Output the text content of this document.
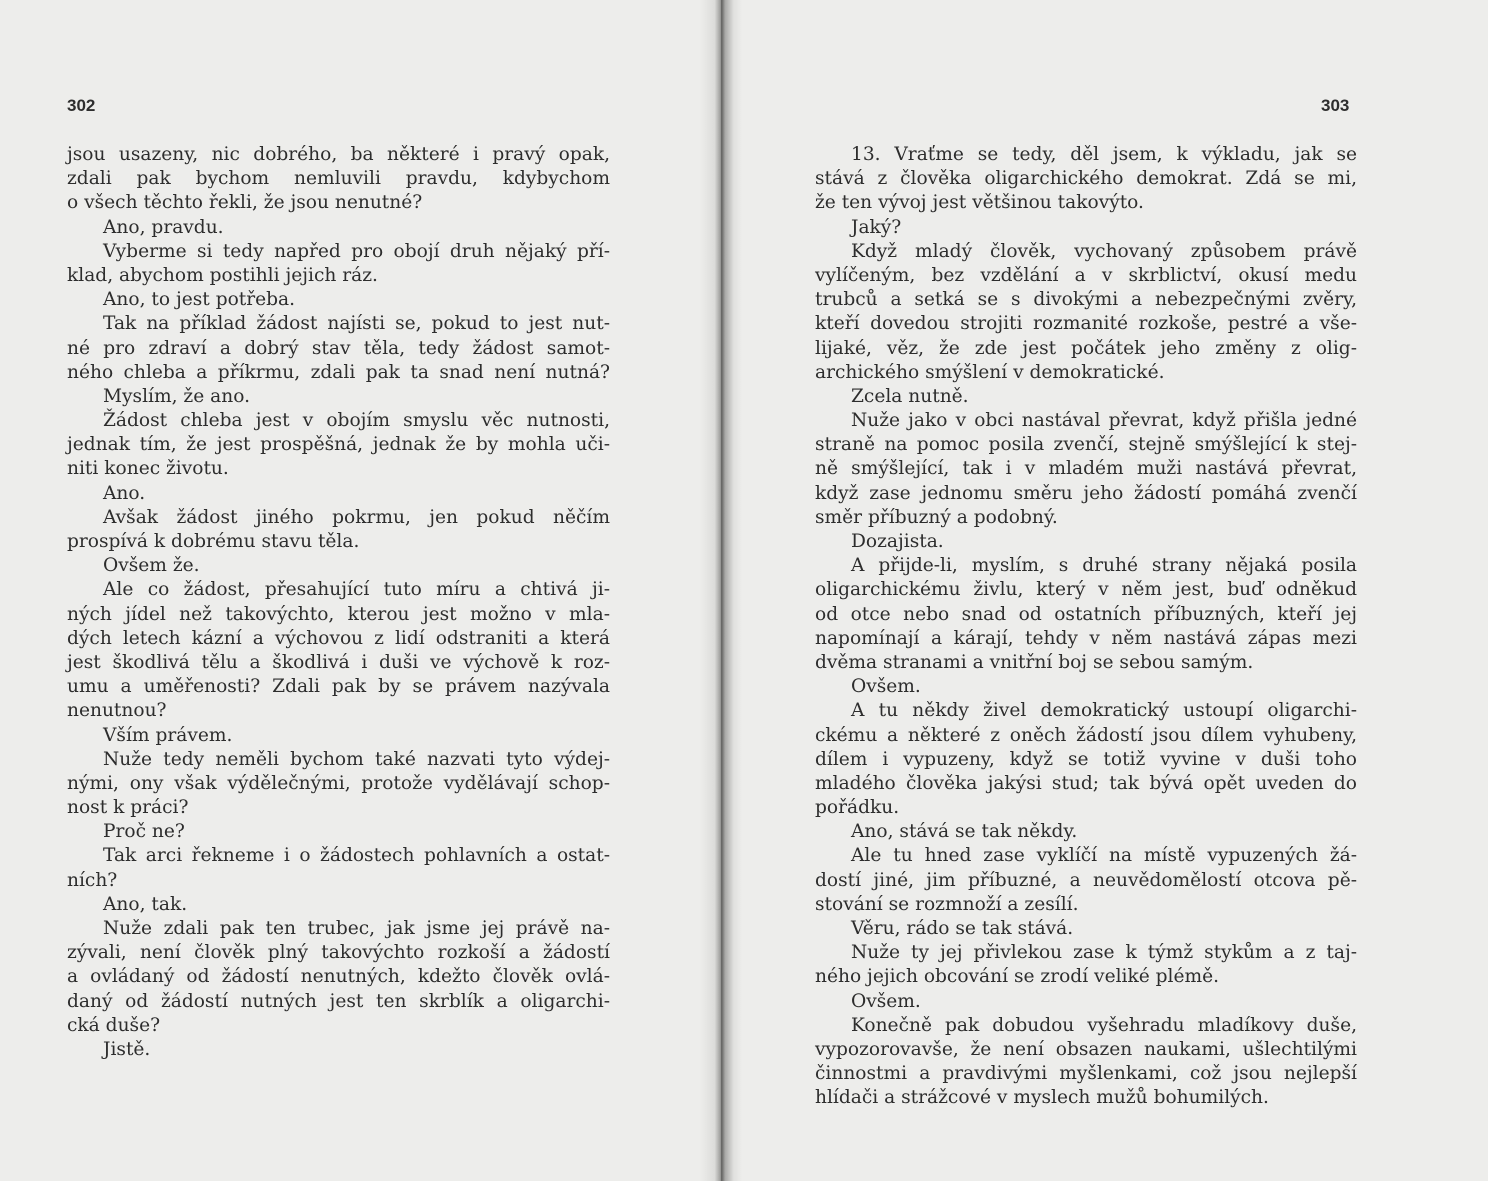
302	303
jsou usazeny, nic dobrého, ba některé i pravý opak,
zdali pak bychom nemluvili pravdu, kdybychom
o všech těchto řekli, že jsou nenutné?
Ano, pravdu.
Vyberme si tedy napřed pro obojí druh nějaký pří-
klad, abychom postihli jejich ráz.
Ano, to jest potřeba.
Tak na příklad žádost najísti se, pokud to jest nut-
né pro zdraví a dobrý stav těla, tedy žádost samot-
ného chleba a příkrmu, zdali pak ta snad není nutná?
Myslím, že ano.
Žádost chleba jest v obojím smyslu věc nutnosti,
jednak tím, že jest prospěšná, jednak že by mohla uči-
niti konec životu.
Ano.
Avšak žádost jiného pokrmu, jen pokud něčím
prospívá k dobrému stavu těla.
Ovšem že.
Ale co žádost, přesahující tuto míru a chtivá ji-
ných jídel než takovýchto, kterou jest možno v mla-
dých letech kázní a výchovou z lidí odstraniti a která
jest škodlivá tělu a škodlivá i duši ve výchově k roz-
umu a uměřenosti? Zdali pak by se právem nazývala
nenutnou?
Vším právem.
Nuže tedy neměli bychom také nazvati tyto výdej-
nými, ony však výdělečnými, protože vydělávají schop-
nost k práci?
Proč ne?
Tak arci řekneme i o žádostech pohlavních a ostat-
ních?
Ano, tak.
Nuže zdali pak ten trubec, jak jsme jej právě na-
zývali, není člověk plný takovýchto rozkoší a žádostí
a ovládaný od žádostí nenutných, kdežto člověk ovlá-
daný od žádostí nutných jest ten skrblík a oligarchi-
cká duše?
Jistě.
13. Vraťme se tedy, děl jsem, k výkladu, jak se
stává z člověka oligarchického demokrat. Zdá se mi,
že ten vývoj jest většinou takovýto.
Jaký?
Když mladý člověk, vychovaný způsobem právě
vylíčeným, bez vzdělání a v skrblictví, okusí medu
trubců a setká se s divokými a nebezpečnými zvěry,
kteří dovedou strojiti rozmanité rozkoše, pestré a vše-
lijaké, věz, že zde jest počátek jeho změny z olig-
archického smýšlení v demokratické.
Zcela nutně.
Nuže jako v obci nastával převrat, když přišla jedné
straně na pomoc posila zvenčí, stejně smýšlející k stej-
ně smýšlející, tak i v mladém muži nastává převrat,
když zase jednomu směru jeho žádostí pomáhá zvenčí
směr příbuzný a podobný.
Dozajista.
A přijde-li, myslím, s druhé strany nějaká posila
oligarchickému živlu, který v něm jest, buď odněkud
od otce nebo snad od ostatních příbuzných, kteří jej
napomínají a kárají, tehdy v něm nastává zápas mezi
dvěma stranami a vnitřní boj se sebou samým.
Ovšem.
A tu někdy živel demokratický ustoupí oligarchi-
ckému a některé z oněch žádostí jsou dílem vyhubeny,
dílem i vypuzeny, když se totiž vyvine v duši toho
mladého člověka jakýsi stud; tak bývá opět uveden do
pořádku.
Ano, stává se tak někdy.
Ale tu hned zase vyklíčí na místě vypuzených žá-
dostí jiné, jim příbuzné, a neuvědomělostí otcova pě-
stování se rozmnoží a zesílí.
Věru, rádo se tak stává.
Nuže ty jej přivlekou zase k týmž stykům a z taj-
ného jejich obcování se zrodí veliké plémě.
Ovšem.
Konečně pak dobudou vyšehradu mladíkovy duše,
vypozorovavše, že není obsazen naukami, ušlechtilými
činnostmi a pravdivými myšlenkami, což jsou nejlepší
hlídači a strážcové v myslech mužů bohumilých.
